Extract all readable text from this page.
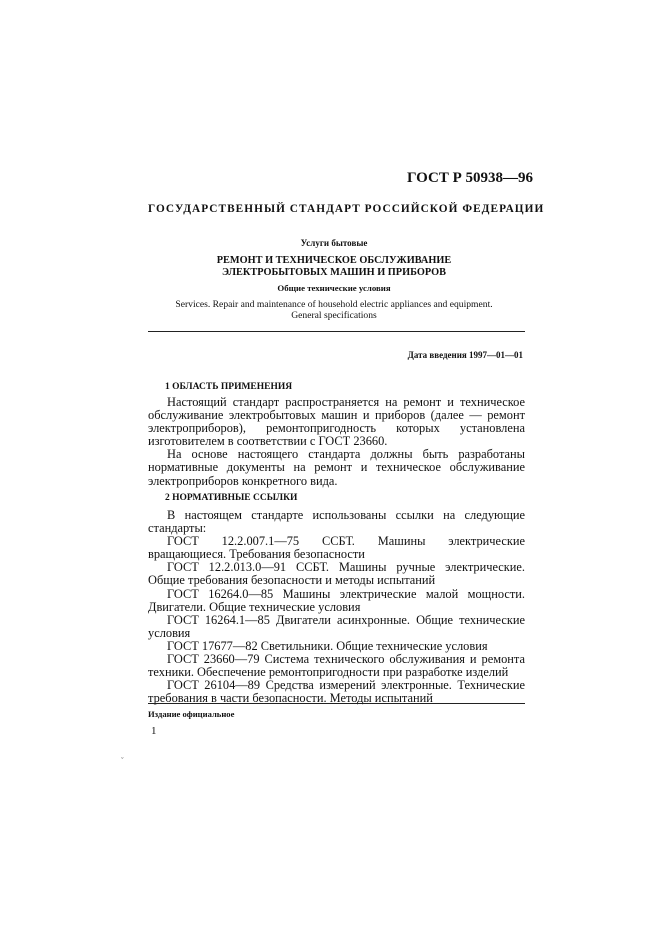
ГОСТ Р 50938—96
ГОСУДАРСТВЕННЫЙ СТАНДАРТ РОССИЙСКОЙ ФЕДЕРАЦИИ
Услуги бытовые
РЕМОНТ И ТЕХНИЧЕСКОЕ ОБСЛУЖИВАНИЕ
ЭЛЕКТРОБЫТОВЫХ МАШИН И ПРИБОРОВ
Общие технические условия
Services. Repair and maintenance of household electric appliances and equipment.
General specifications
Дата введения 1997—01—01
1 ОБЛАСТЬ ПРИМЕНЕНИЯ

Настоящий стандарт распространяется на ремонт и техническое обслуживание электробытовых машин и приборов (далее — ремонт электроприборов), ремонтопригодность которых установлена изготовителем в соответствии с ГОСТ 23660.

На основе настоящего стандарта должны быть разработаны нормативные документы на ремонт и техническое обслуживание электроприборов конкретного вида.

2 НОРМАТИВНЫЕ ССЫЛКИ

В настоящем стандарте использованы ссылки на следующие стандарты:

ГОСТ 12.2.007.1—75 ССБТ. Машины электрические вращающиеся. Требования безопасности

ГОСТ 12.2.013.0—91 ССБТ. Машины ручные электрические. Общие требования безопасности и методы испытаний

ГОСТ 16264.0—85 Машины электрические малой мощности. Двигатели. Общие технические условия

ГОСТ 16264.1—85 Двигатели асинхронные. Общие технические условия

ГОСТ 17677—82 Светильники. Общие технические условия

ГОСТ 23660—79 Система технического обслуживания и ремонта техники. Обеспечение ремонтопригодности при разработке изделий

ГОСТ 26104—89 Средства измерений электронные. Технические требования в части безопасности. Методы испытаний

Издание официальное
1
ˇ
